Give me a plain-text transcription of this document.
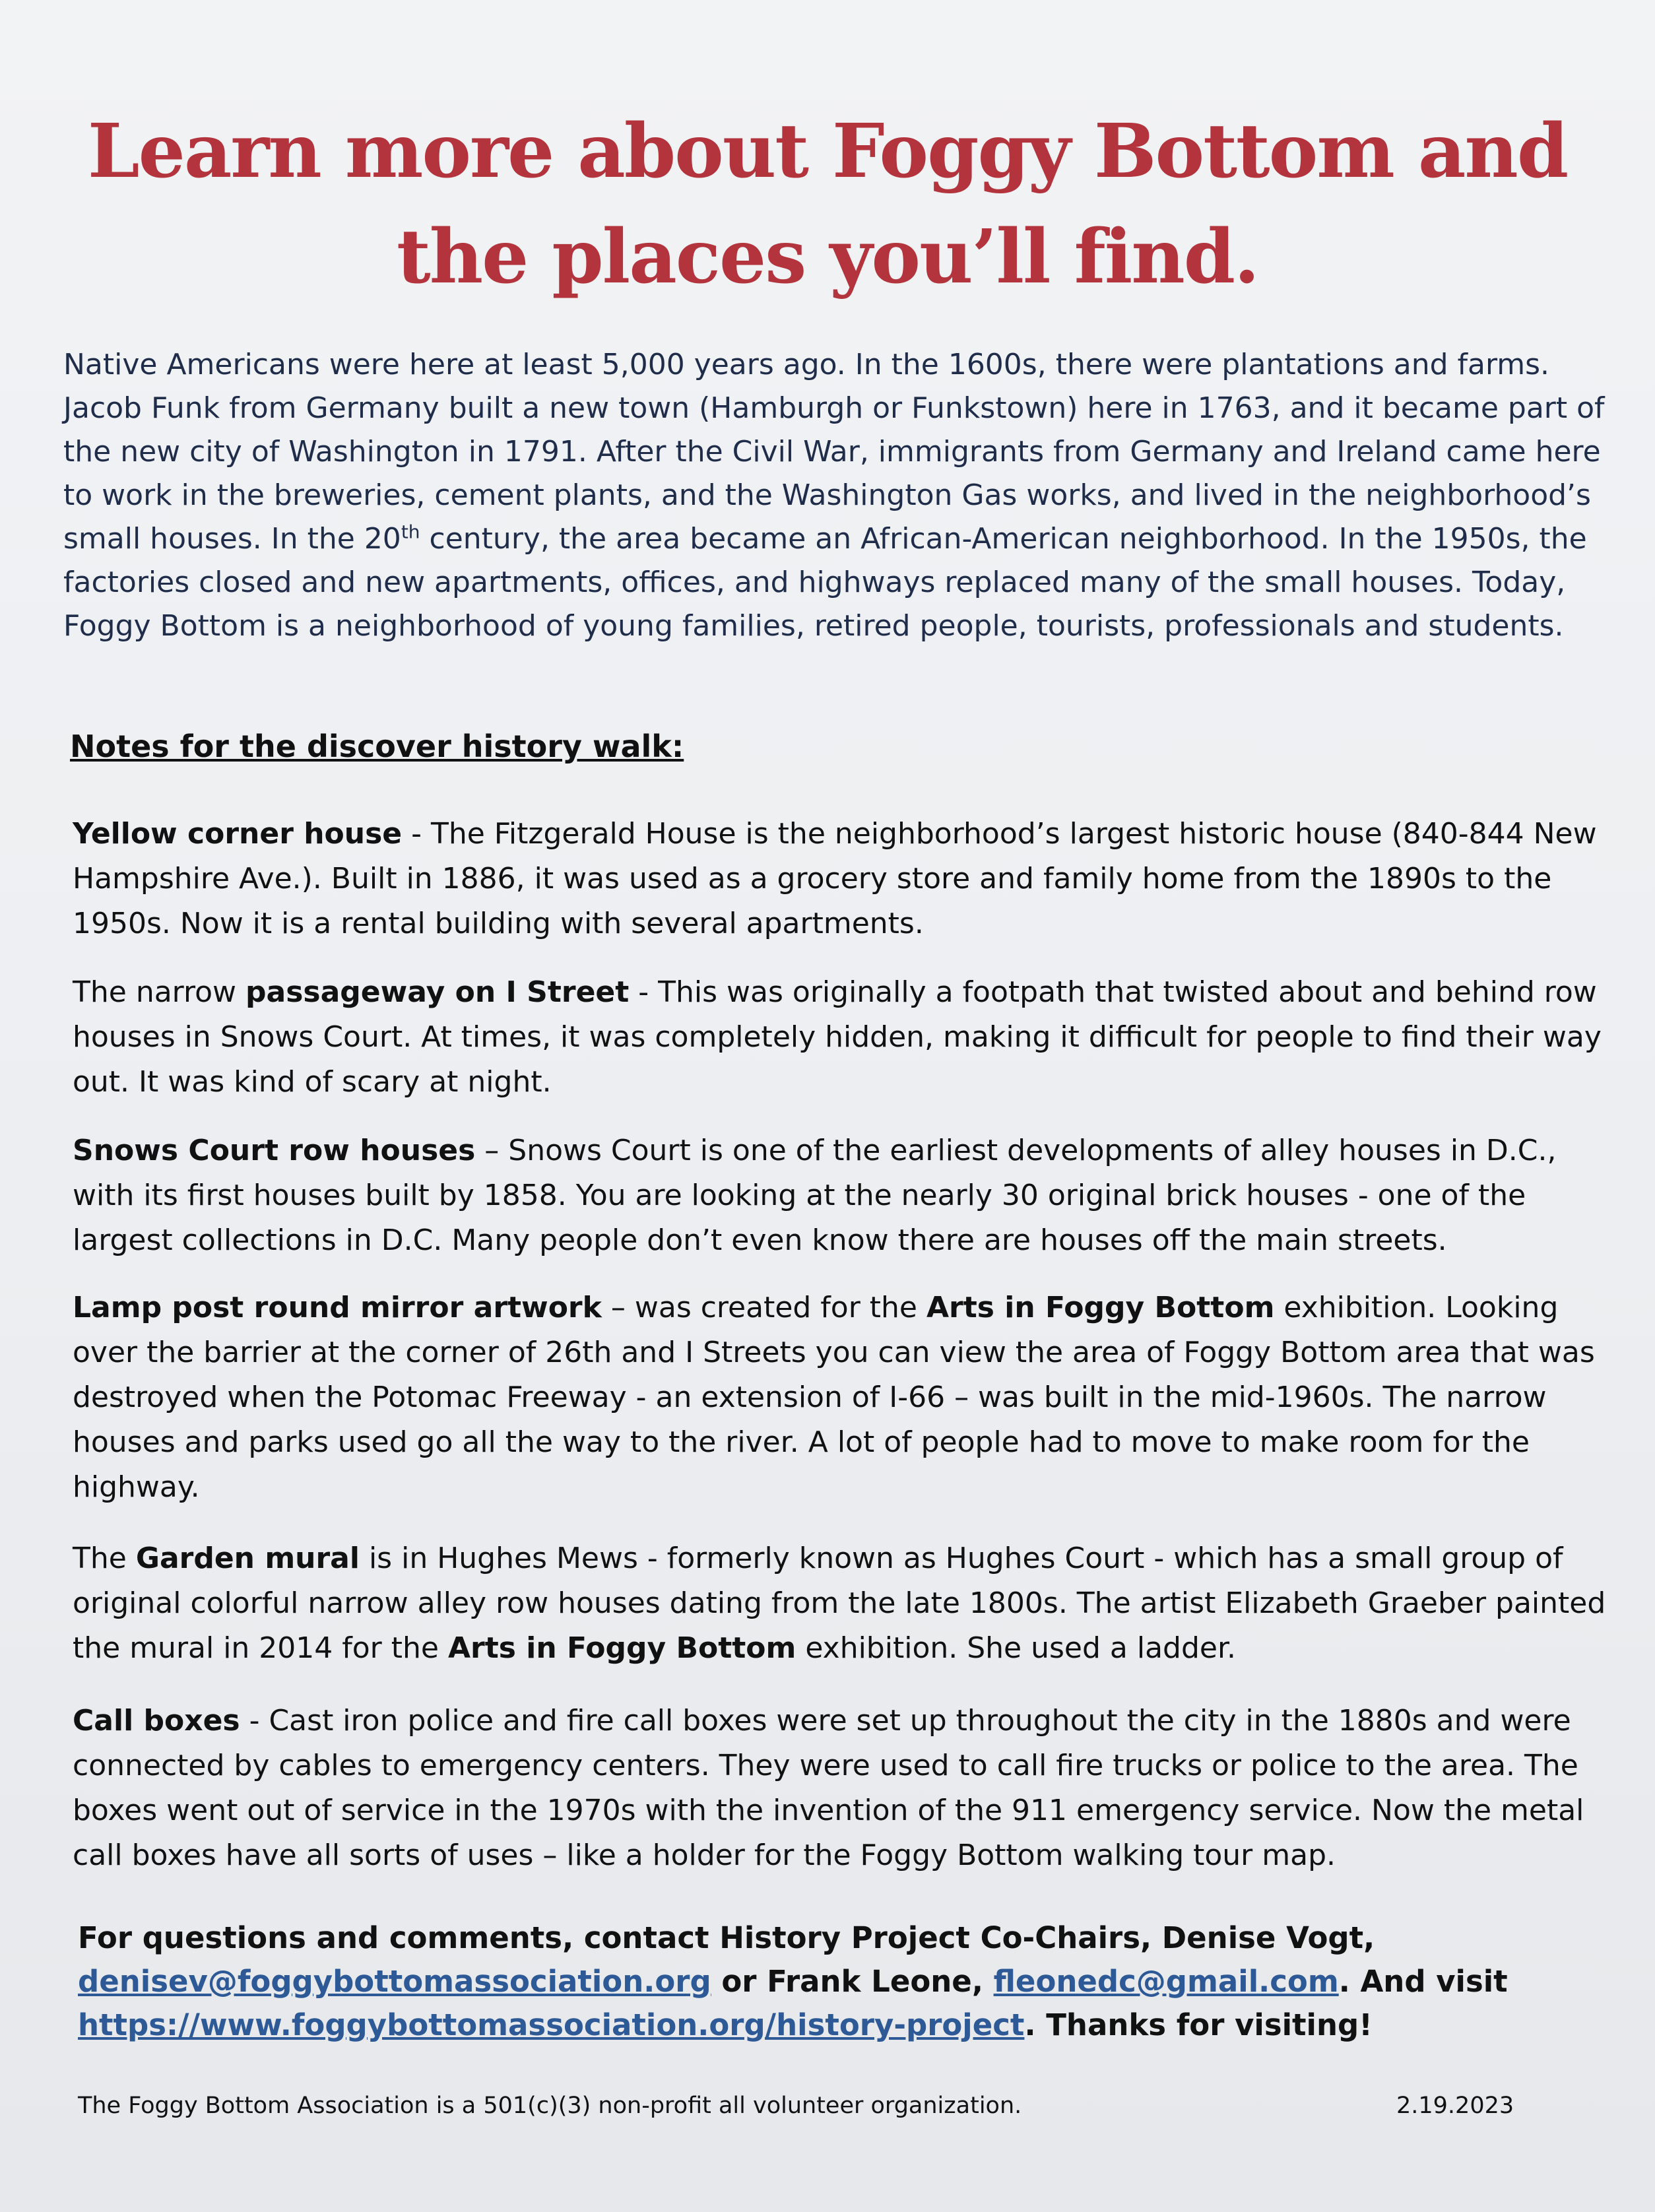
Learn more about Foggy Bottom and
the places you’ll find.

Native Americans were here at least 5,000 years ago. In the 1600s, there were plantations and farms. Jacob Funk from Germany built a new town (Hamburgh or Funkstown) here in 1763, and it became part of the new city of Washington in 1791. After the Civil War, immigrants from Germany and Ireland came here to work in the breweries, cement plants, and the Washington Gas works, and lived in the neighborhood’s small houses. In the 20th century, the area became an African-American neighborhood. In the 1950s, the factories closed and new apartments, offices, and highways replaced many of the small houses. Today, Foggy Bottom is a neighborhood of young families, retired people, tourists, professionals and students.

Notes for the discover history walk:

Yellow corner house - The Fitzgerald House is the neighborhood’s largest historic house (840-844 New Hampshire Ave.). Built in 1886, it was used as a grocery store and family home from the 1890s to the 1950s. Now it is a rental building with several apartments.

The narrow passageway on I Street - This was originally a footpath that twisted about and behind row houses in Snows Court. At times, it was completely hidden, making it difficult for people to find their way out. It was kind of scary at night.

Snows Court row houses – Snows Court is one of the earliest developments of alley houses in D.C., with its first houses built by 1858. You are looking at the nearly 30 original brick houses - one of the largest collections in D.C. Many people don’t even know there are houses off the main streets.

Lamp post round mirror artwork – was created for the Arts in Foggy Bottom exhibition. Looking over the barrier at the corner of 26th and I Streets you can view the area of Foggy Bottom area that was destroyed when the Potomac Freeway - an extension of I-66 – was built in the mid-1960s. The narrow houses and parks used go all the way to the river. A lot of people had to move to make room for the highway.

The Garden mural is in Hughes Mews - formerly known as Hughes Court - which has a small group of original colorful narrow alley row houses dating from the late 1800s. The artist Elizabeth Graeber painted the mural in 2014 for the Arts in Foggy Bottom exhibition. She used a ladder.

Call boxes - Cast iron police and fire call boxes were set up throughout the city in the 1880s and were connected by cables to emergency centers. They were used to call fire trucks or police to the area. The boxes went out of service in the 1970s with the invention of the 911 emergency service. Now the metal call boxes have all sorts of uses – like a holder for the Foggy Bottom walking tour map.

For questions and comments, contact History Project Co-Chairs, Denise Vogt, denisev@foggybottomassociation.org or Frank Leone, fleonedc@gmail.com. And visit https://www.foggybottomassociation.org/history-project. Thanks for visiting!

The Foggy Bottom Association is a 501(c)(3) non-profit all volunteer organization.	2.19.2023
